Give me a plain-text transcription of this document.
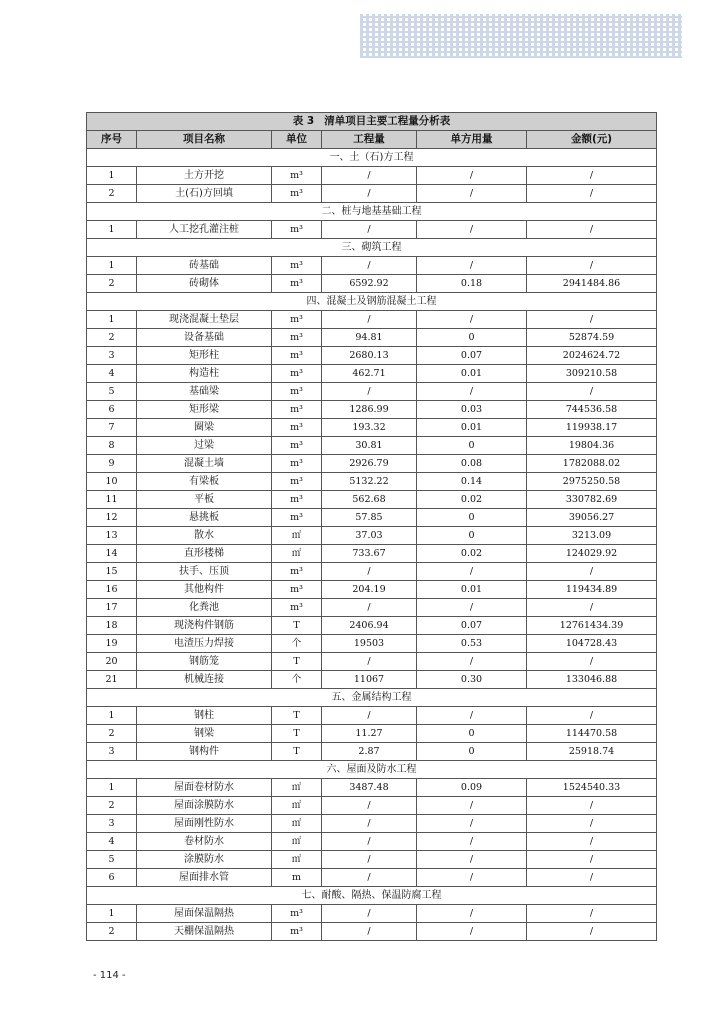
表 3 清单项目主要工程量分析表					
序号	项目名称	单位	工程量	单方用量	金额(元)
一、土（石)方工程					
1	土方开挖	m³	/	/	/
2	土(石)方回填	m³	/	/	/
二、桩与地基基础工程					
1	人工挖孔灌注桩	m³	/	/	/
三、砌筑工程					
1	砖基础	m³	/	/	/
2	砖砌体	m³	6592.92	0.18	2941484.86
四、混凝土及钢筋混凝土工程					
1	现浇混凝土垫层	m³	/	/	/
2	设备基础	m³	94.81	0	52874.59
3	矩形柱	m³	2680.13	0.07	2024624.72
4	构造柱	m³	462.71	0.01	309210.58
5	基础梁	m³	/	/	/
6	矩形梁	m³	1286.99	0.03	744536.58
7	圈梁	m³	193.32	0.01	119938.17
8	过梁	m³	30.81	0	19804.36
9	混凝土墙	m³	2926.79	0.08	1782088.02
10	有梁板	m³	5132.22	0.14	2975250.58
11	平板	m³	562.68	0.02	330782.69
12	悬挑板	m³	57.85	0	39056.27
13	散水	㎡	37.03	0	3213.09
14	直形楼梯	㎡	733.67	0.02	124029.92
15	扶手、压顶	m³	/	/	/
16	其他构件	m³	204.19	0.01	119434.89
17	化粪池	m³	/	/	/
18	现浇构件钢筋	T	2406.94	0.07	12761434.39
19	电渣压力焊接	个	19503	0.53	104728.43
20	钢筋笼	T	/	/	/
21	机械连接	个	11067	0.30	133046.88
五、金属结构工程					
1	钢柱	T	/	/	/
2	钢梁	T	11.27	0	114470.58
3	钢构件	T	2.87	0	25918.74
六、屋面及防水工程					
1	屋面卷材防水	㎡	3487.48	0.09	1524540.33
2	屋面涂膜防水	㎡	/	/	/
3	屋面刚性防水	㎡	/	/	/
4	卷材防水	㎡	/	/	/
5	涂膜防水	㎡	/	/	/
6	屋面排水管	m	/	/	/
七、耐酸、隔热、保温防腐工程					
1	屋面保温隔热	m³	/	/	/
2	天棚保温隔热	m³	/	/	/
- 114 -
